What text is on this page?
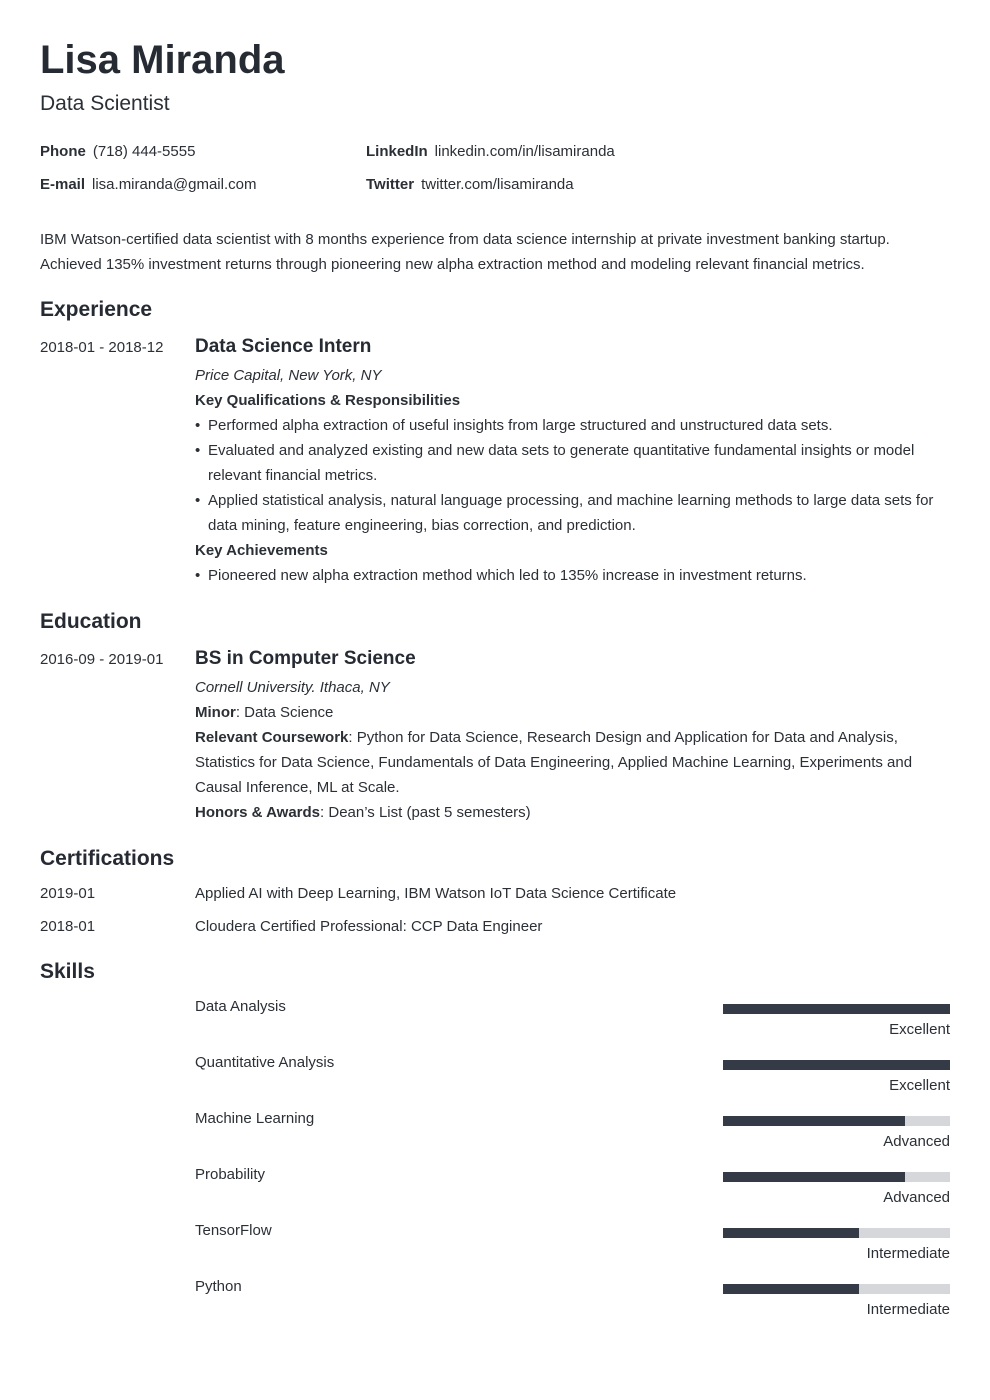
Lisa Miranda
Data Scientist
Phone (718) 444-5555
E-mail lisa.miranda@gmail.com
LinkedIn linkedin.com/in/lisamiranda
Twitter twitter.com/lisamiranda
IBM Watson-certified data scientist with 8 months experience from data science internship at private investment banking startup. Achieved 135% investment returns through pioneering new alpha extraction method and modeling relevant financial metrics.
Experience
2018-01 - 2018-12 Data Science Intern
Price Capital, New York, NY
Key Qualifications & Responsibilities
• Performed alpha extraction of useful insights from large structured and unstructured data sets.
• Evaluated and analyzed existing and new data sets to generate quantitative fundamental insights or model relevant financial metrics.
• Applied statistical analysis, natural language processing, and machine learning methods to large data sets for data mining, feature engineering, bias correction, and prediction.
Key Achievements
• Pioneered new alpha extraction method which led to 135% increase in investment returns.
Education
2016-09 - 2019-01 BS in Computer Science
Cornell University. Ithaca, NY
Minor: Data Science
Relevant Coursework: Python for Data Science, Research Design and Application for Data and Analysis, Statistics for Data Science, Fundamentals of Data Engineering, Applied Machine Learning, Experiments and Causal Inference, ML at Scale.
Honors & Awards: Dean’s List (past 5 semesters)
Certifications
2019-01	Applied AI with Deep Learning, IBM Watson IoT Data Science Certificate
2018-01	Cloudera Certified Professional: CCP Data Engineer
Skills
Data Analysis
Excellent
Quantitative Analysis
Excellent
Machine Learning
Advanced
Probability
Advanced
TensorFlow
Intermediate
Python
Intermediate
